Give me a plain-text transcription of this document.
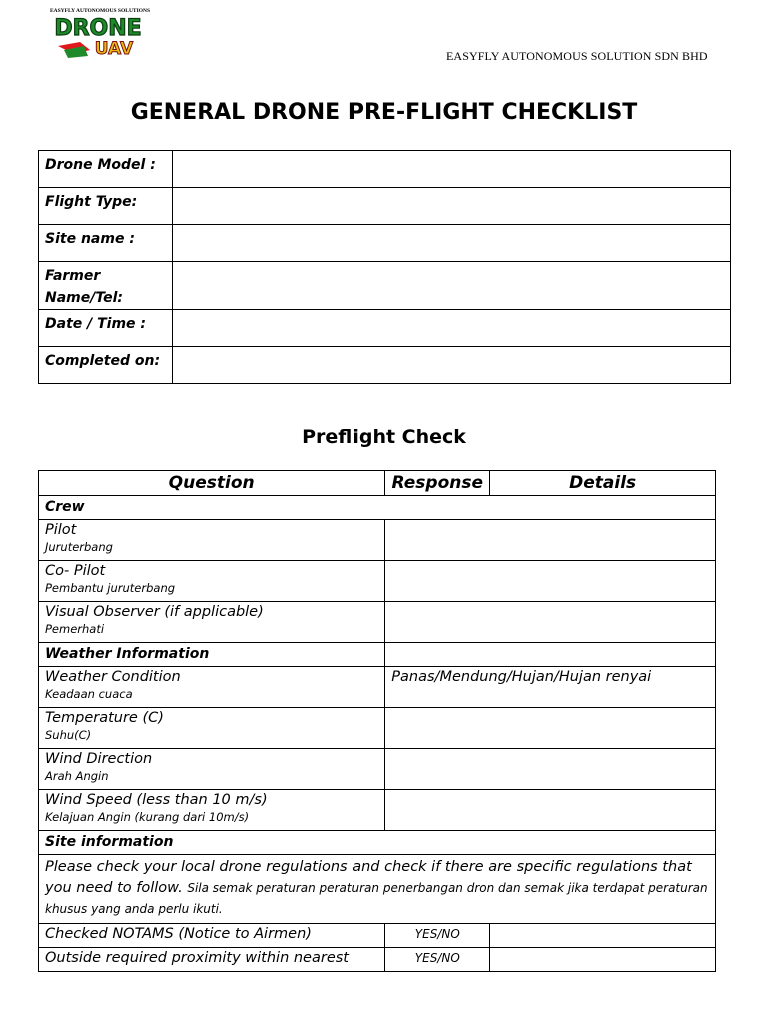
EASYFLY AUTONOMOUS SOLUTIONS
DRONE
UAV	EASYFLY AUTONOMOUS SOLUTION SDN BHD
GENERAL DRONE PRE-FLIGHT CHECKLIST
Drone Model :	
Flight Type:	
Site name :	
Farmer Name/Tel:	
Date / Time :	
Completed on:	
Preflight Check
Question	Response	Details
Crew		
Pilot
Juruterbang		

Co- Pilot
Pembantu juruterbang		

Visual Observer (if applicable)
Pemerhati		

Weather Information		
Weather Condition
Keadaan cuaca	Panas/Mendung/Hujan/Hujan renyai	
Temperature (C)
Suhu(C)		

Wind Direction
Arah Angin		

Wind Speed (less than 10 m/s)
Kelajuan Angin (kurang dari 10m/s)		

Site information		
Please check your local drone regulations and check if there are specific regulations that you need to follow. Sila semak peraturan peraturan penerbangan dron dan semak jika terdapat peraturan khusus yang anda perlu ikuti.		
Checked NOTAMS (Notice to Airmen)	YES/NO	
Outside required proximity within nearest	YES/NO	
